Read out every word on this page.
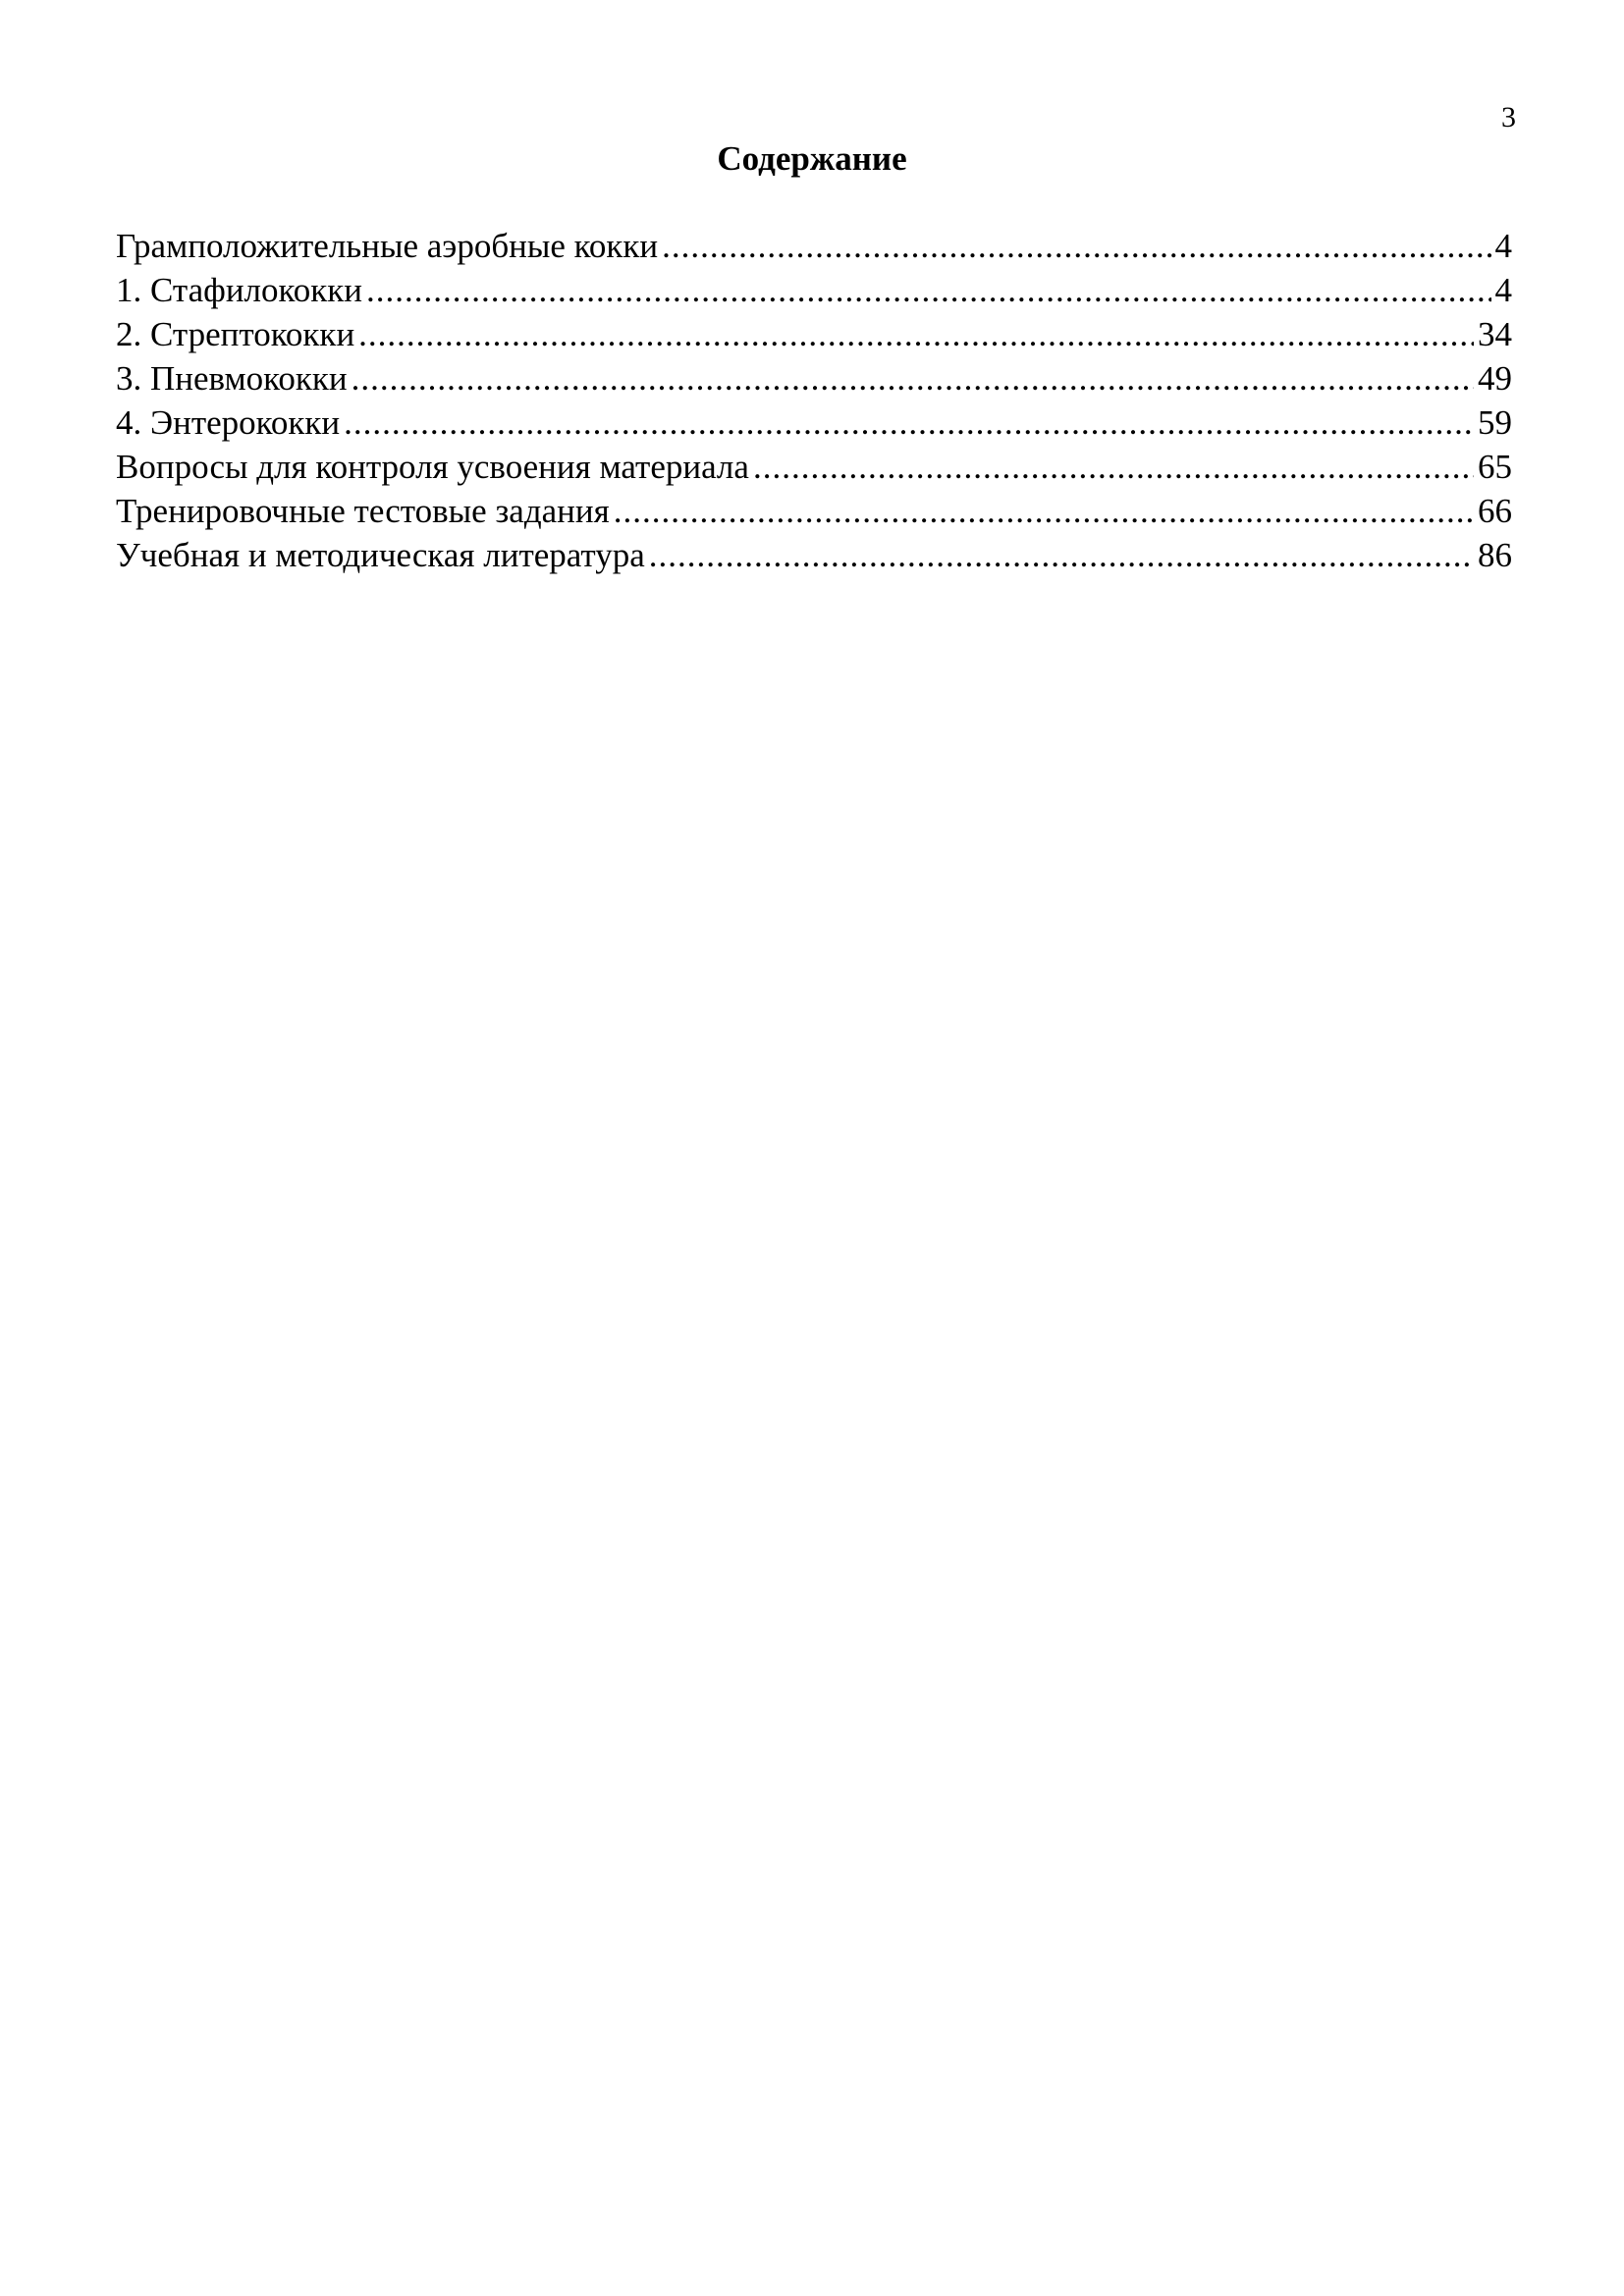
3
Содержание
Грамположительные аэробные кокки .....	4
1. Стафилококки .....	4
2. Стрептококки .....	34
3. Пневмококки .....	49
4. Энтерококки .....	59
Вопросы для контроля усвоения материала .....	65
Тренировочные тестовые задания .....	66
Учебная и методическая литература .....	86
